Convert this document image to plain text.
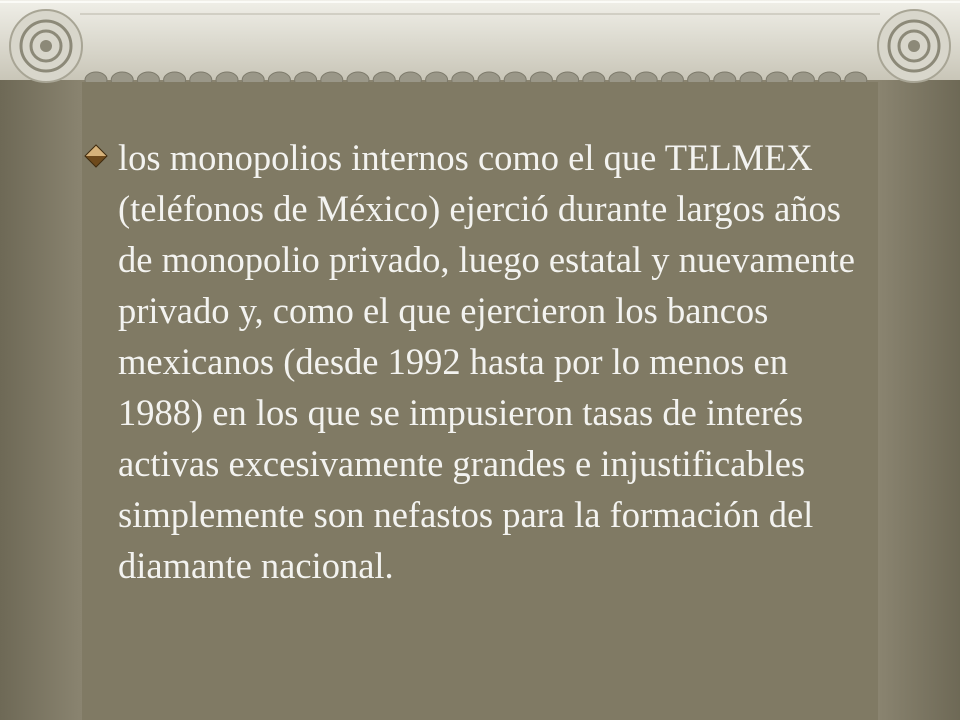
los monopolios internos como el que TELMEX (teléfonos de México) ejerció durante largos años de monopolio privado, luego estatal y nuevamente privado y, como el que ejercieron los bancos mexicanos (desde 1992 hasta por lo menos en 1988) en los que se impusieron tasas de interés activas excesivamente grandes e injustificables simplemente son nefastos para la formación del diamante nacional.
